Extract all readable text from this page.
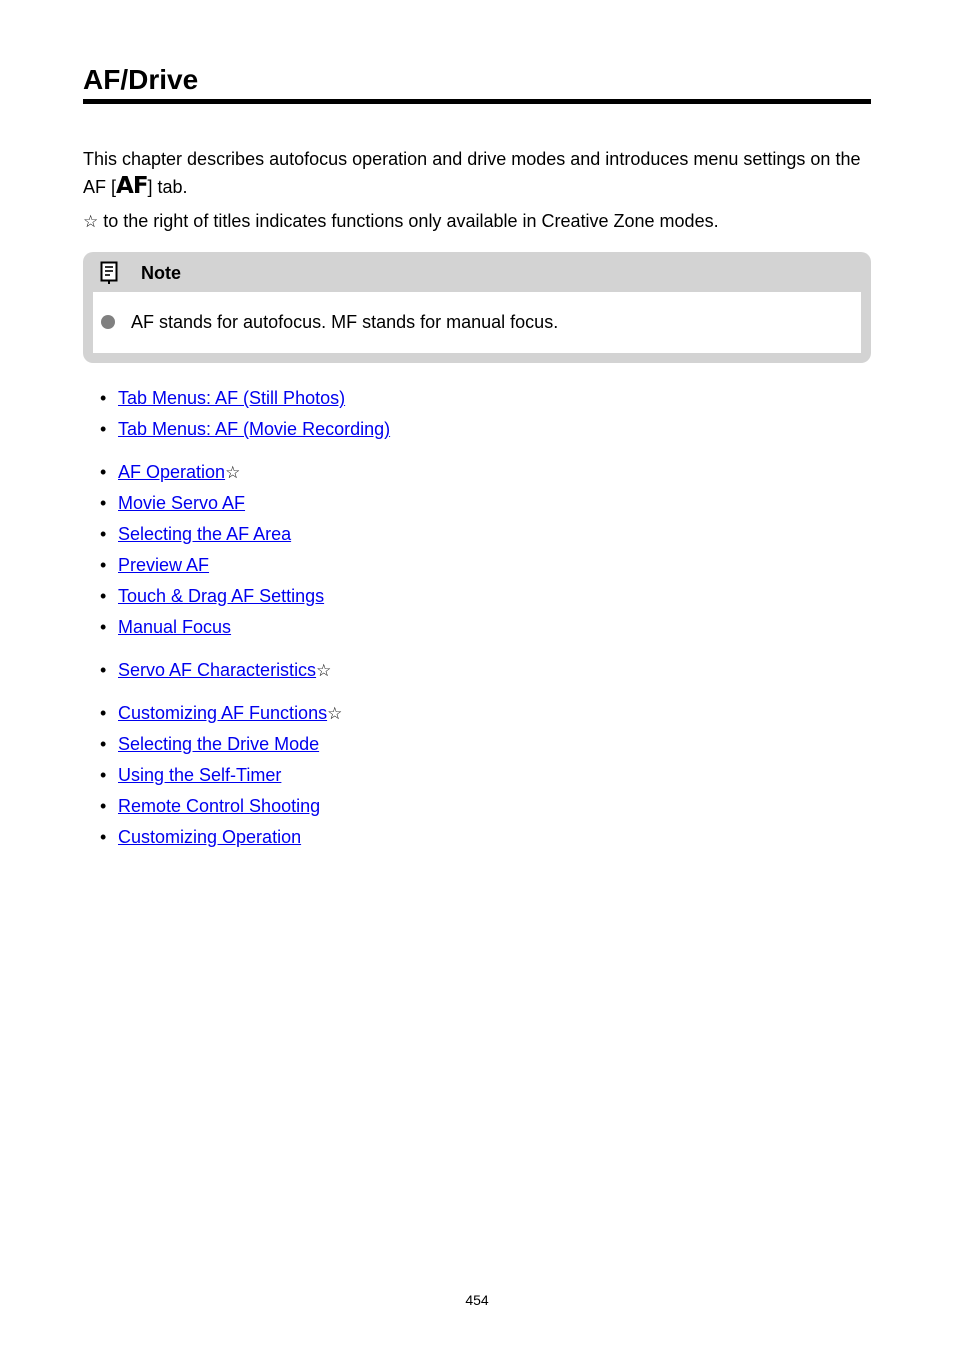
AF/Drive
This chapter describes autofocus operation and drive modes and introduces menu settings on the AF [AF] tab.
☆ to the right of titles indicates functions only available in Creative Zone modes.
Note
AF stands for autofocus. MF stands for manual focus.
• Tab Menus: AF (Still Photos)
• Tab Menus: AF (Movie Recording)
• AF Operation☆
• Movie Servo AF
• Selecting the AF Area
• Preview AF
• Touch & Drag AF Settings
• Manual Focus
• Servo AF Characteristics☆
• Customizing AF Functions☆
• Selecting the Drive Mode
• Using the Self-Timer
• Remote Control Shooting
• Customizing Operation
454
